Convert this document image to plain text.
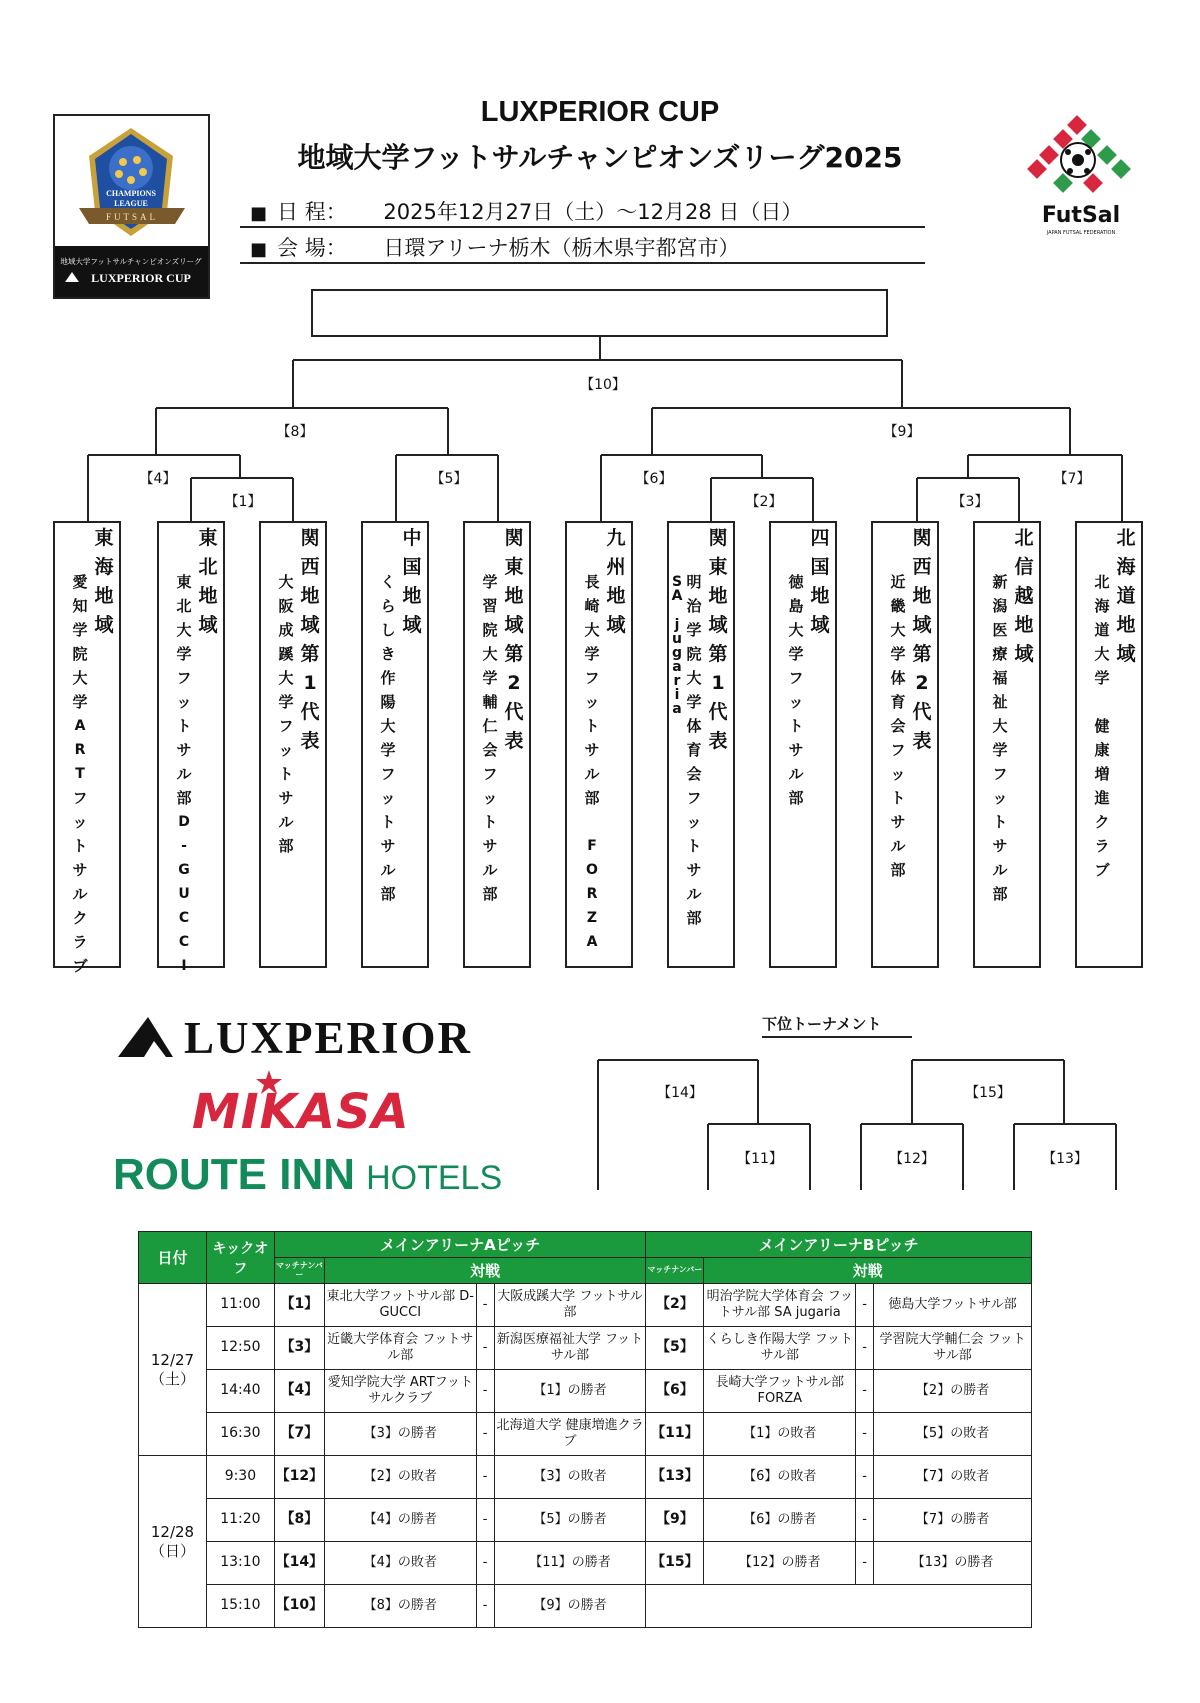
LUXPERIOR CUP
地域大学フットサルチャンピオンズリーグ2025
■ 日 程： 2025年12月27日（土）～12月28 日（日）
■ 会 場： 日環アリーナ栃木（栃木県宇都宮市）
CHAMPIONS
LEAGUE
FUTSAL
地域大学フットサルチャンピオンズリーグ
LUXPERIOR CUP
FutSal
JAPAN FUTSAL FEDERATION
【10】
【8】	【9】
【4】
【1】
【5】	【6】
【2】	【3】
【7】
東
海
地
域
愛
知
学
院
大
学
A
R
T
フ
ッ
ト
サ
ル
ク
ラ
ブ
東
北
地
域
東
北
大
学
フ
ッ
ト
サ
ル
部
D
-
G
U
C
C
I
関
西
地
域
第
1
代
表
大
阪
成
蹊
大
学
フ
ッ
ト
サ
ル
部
中
国
地
域
く
ら
し
き
作
陽
大
学
フ
ッ
ト
サ
ル
部
関
東
地
域
第
2
代
表
学
習
院
大
学
輔
仁
会
フ
ッ
ト
サ
ル
部
九
州
地
域
長
崎
大
学
フ
ッ
ト
サ
ル
部

F
O
R
Z
A
関
東
地
域
第
1
代
表
明
治
学
院
大
学
体
育
会
フ
ッ
ト
サ
ル
部
S
A

j
u
g
a
r
i
a
四
国
地
域
徳
島
大
学
フ
ッ
ト
サ
ル
部
関
西
地
域
第
2
代
表
近
畿
大
学
体
育
会
フ
ッ
ト
サ
ル
部
北
信
越
地
域
新
潟
医
療
福
祉
大
学
フ
ッ
ト
サ
ル
部
北
海
道
地
域
北
海
道
大
学

健
康
増
進
ク
ラ
ブ
LUXPERIOR
MIKASA
ROUTE INN HOTELS
下位トーナメント
【14】	【15】
【11】	【12】	【13】
日付	キックオフ	メインアリーナAピッチ				メインアリーナBピッチ			
		マッチナンバー	対戦			マッチナンバー	対戦		

12/27
（土）	11:00	【1】	東北大学フットサル部 D-GUCCI	-	大阪成蹊大学 フットサル部	【2】	明治学院大学体育会 フットサル部 SA jugaria	-	徳島大学フットサル部
	12:50	【3】	近畿大学体育会 フットサル部	-	新潟医療福祉大学 フットサル部	【5】	くらしき作陽大学 フットサル部	-	学習院大学輔仁会 フットサル部
	14:40	【4】	愛知学院大学 ARTフットサルクラブ	-	【1】の勝者	【6】	長崎大学フットサル部 FORZA	-	【2】の勝者
	16:30	【7】	【3】の勝者	-	北海道大学 健康増進クラブ	【11】	【1】の敗者	-	【5】の敗者

12/28
（日）	9:30	【12】	【2】の敗者	-	【3】の敗者	【13】	【6】の敗者	-	【7】の敗者
	11:20	【8】	【4】の勝者	-	【5】の勝者	【9】	【6】の勝者	-	【7】の勝者
	13:10	【14】	【4】の敗者	-	【11】の勝者	【15】	【12】の勝者	-	【13】の勝者
	15:10	【10】	【8】の勝者	-	【9】の勝者				
